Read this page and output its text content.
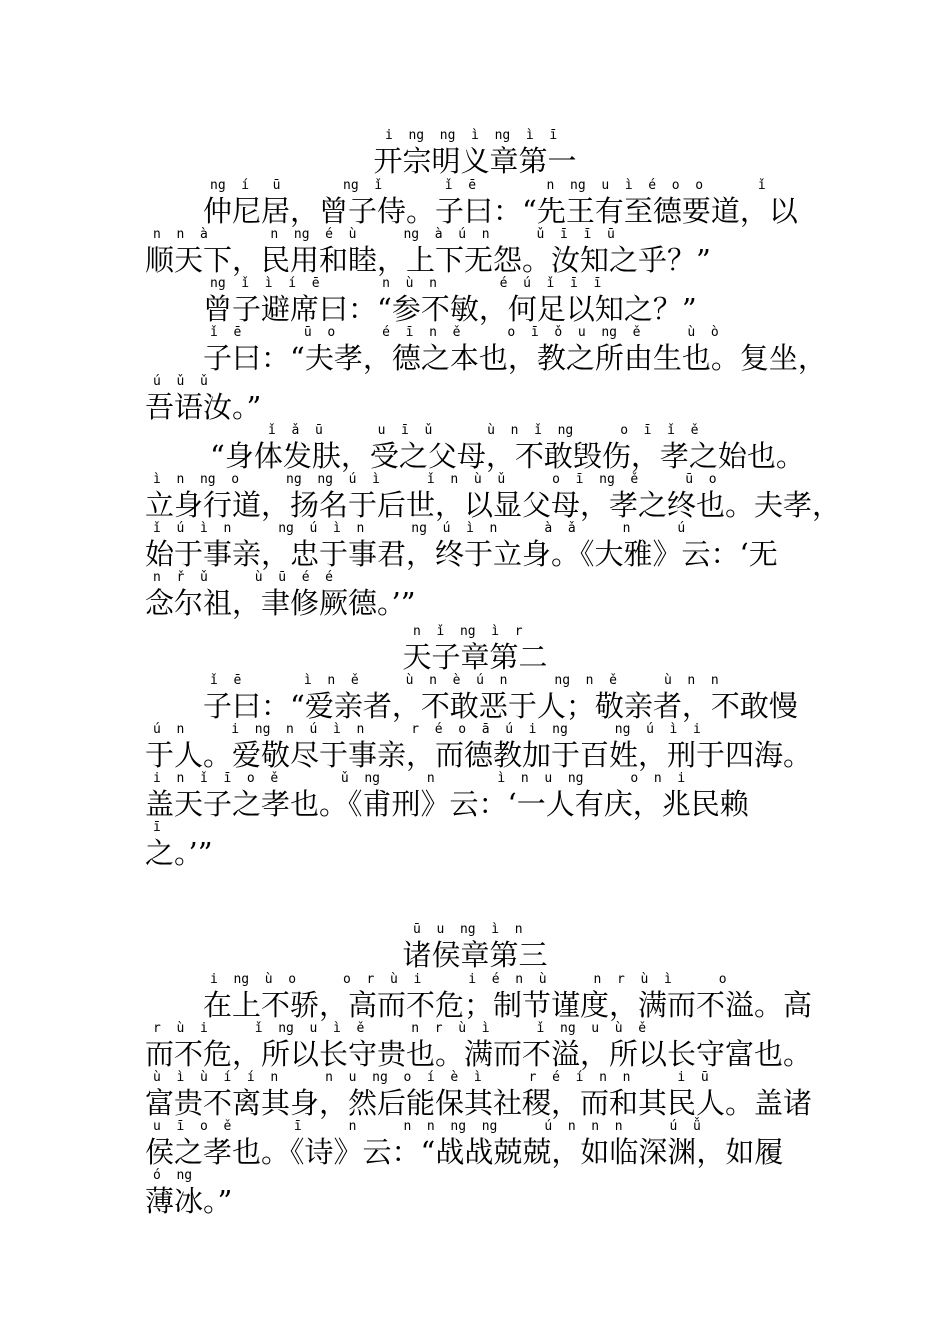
i  ng  ng  ì  ng  ì  ī
开宗明义章第一
ng  í   ū        ng  ǐ        ǐ  ē         n  ng  u  ì  é  o  o       ǐ
仲尼居，曾子侍。子曰：“先王有至德要道，以
n  n  à        n  ng  é  ù      ng  à  ú  n      ǔ  ī  ī  ū
顺天下，民用和睦，上下无怨。汝知之乎？”
ng  ǐ  ì  í  ē        n  ù  n        é  ú  ǐ  ī  ī
曾子避席曰：“参不敏，何足以知之？”
ǐ  ē        ū  o      é  ī  n  ě      o  ī  ǒ  u  ng  ě      ù  ò
子曰：“夫孝，德之本也，教之所由生也。复坐，
ú  ǔ  ǔ
吾语汝。”
ǐ  ǎ  ū       u  ī  ǔ       ù  n  ǐ  ng      o  ī  ǐ  ě
“身体发肤，受之父母，不敢毁伤，孝之始也。
ì  n  ng  o      ng  ng  ú  ì      ǐ  n  ù  ǔ      o  ī  ng  ě      ū  o
立身行道，扬名于后世，以显父母，孝之终也。夫孝，
ǐ  ú  ì  n      ng  ú  ì  n      ng  ú  ì  n      à  ǎ      n      ú
始于事亲，忠于事君，终于立身。《大雅》云：‘无
n  ř  ǔ      ù  ū  é  é
念尔祖，聿修厥德。’”
n  ǐ  ng  ì  r
天子章第二
ǐ  ē        ì  n  ě      ù  n  è  ú  n      ng  n  ě      ù  n  n
子曰：“爱亲者，不敢恶于人；敬亲者，不敢慢
ú  n      i  ng  n  ú  ì  n      r  é  o  ā  ú  i  ng      ng  ú  ì  i
于人。爱敬尽于事亲，而德教加于百姓，刑于四海。
i  n  ǐ  ī  o  ě        ǔ  ng      n        ì  n  u  ng      o  n  i
盖天子之孝也。《甫刑》云：‘一人有庆，兆民赖
ī
之。’”
ū  u  ng  ì  n
诸侯章第三
i  ng  ù  o      o  r  ù  i      i  é  n  ù      n  r  ù  ì      o
在上不骄，高而不危；制节谨度，满而不溢。高
r  ù  i      ǐ  ng  u  ì  ě      n  r  ù  ì      ǐ  ng  u  ù  ě
而不危，所以长守贵也。满而不溢，所以长守富也。
ù  ì  ù  í  í  n      n  u  ng  o  í  è  ì      r  é  í  n  n      i  ū
富贵不离其身，然后能保其社稷，而和其民人。盖诸
u  ī  o  ě        ī      n      n  n  ng  ng      ú  n  n  n      ú  ǚ
侯之孝也。《诗》云：“战战兢兢，如临深渊，如履
ó  ng
薄冰。”
